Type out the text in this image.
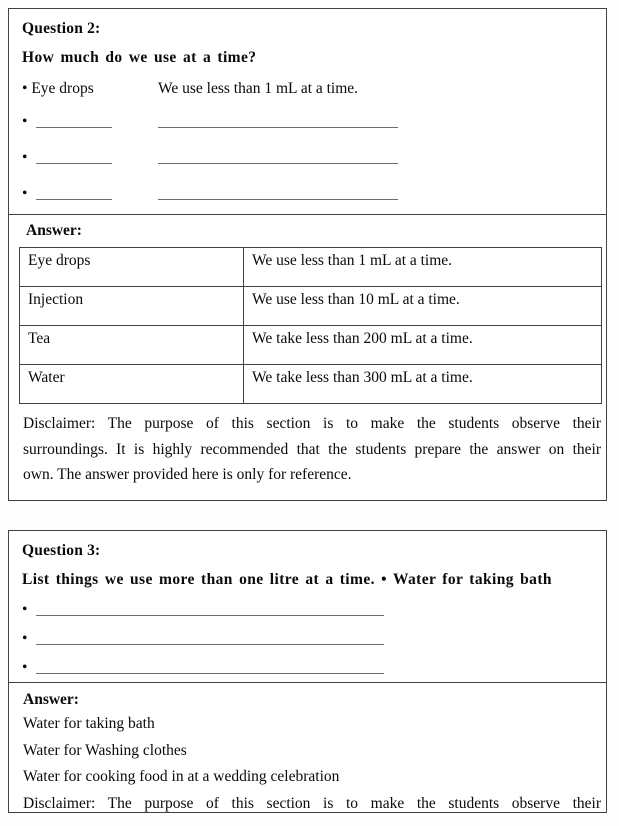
Question 2:

How much do we use at a time?

• Eye drops	We use less than 1 mL at a time.
•
•
•

Answer:

Eye drops	We use less than 1 mL at a time.
Injection	We use less than 10 mL at a time.
Tea	We take less than 200 mL at a time.
Water	We take less than 300 mL at a time.
Disclaimer: The purpose of this section is to make the students observe their
surroundings. It is highly recommended that the students prepare the answer on their
own. The answer provided here is only for reference.

Question 3:

List things we use more than one litre at a time. • Water for taking bath

•
•
•

Answer:

Water for taking bath
Water for Washing clothes
Water for cooking food in at a wedding celebration
Disclaimer: The purpose of this section is to make the students observe their
